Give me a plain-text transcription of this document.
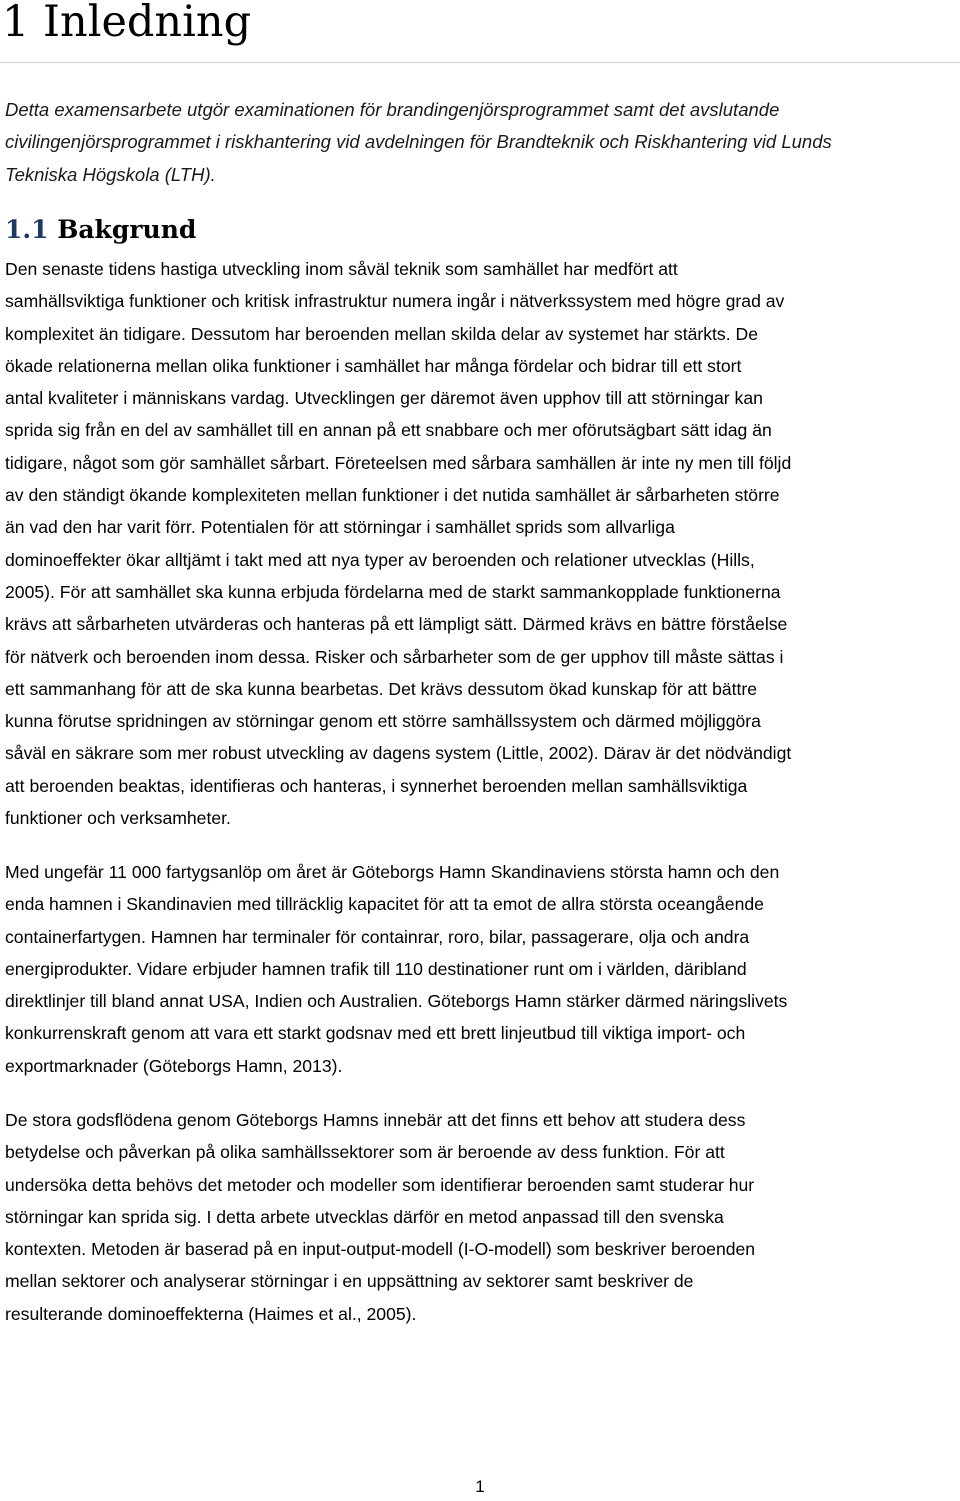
1 Inledning

Detta examensarbete utgör examinationen för brandingenjörsprogrammet samt det avslutande
civilingenjörsprogrammet i riskhantering vid avdelningen för Brandteknik och Riskhantering vid Lunds
Tekniska Högskola (LTH).

1.1 Bakgrund

Den senaste tidens hastiga utveckling inom såväl teknik som samhället har medfört att
samhällsviktiga funktioner och kritisk infrastruktur numera ingår i nätverkssystem med högre grad av
komplexitet än tidigare. Dessutom har beroenden mellan skilda delar av systemet har stärkts. De
ökade relationerna mellan olika funktioner i samhället har många fördelar och bidrar till ett stort
antal kvaliteter i människans vardag. Utvecklingen ger däremot även upphov till att störningar kan
sprida sig från en del av samhället till en annan på ett snabbare och mer oförutsägbart sätt idag än
tidigare, något som gör samhället sårbart. Företeelsen med sårbara samhällen är inte ny men till följd
av den ständigt ökande komplexiteten mellan funktioner i det nutida samhället är sårbarheten större
än vad den har varit förr. Potentialen för att störningar i samhället sprids som allvarliga
dominoeffekter ökar alltjämt i takt med att nya typer av beroenden och relationer utvecklas (Hills,
2005). För att samhället ska kunna erbjuda fördelarna med de starkt sammankopplade funktionerna
krävs att sårbarheten utvärderas och hanteras på ett lämpligt sätt. Därmed krävs en bättre förståelse
för nätverk och beroenden inom dessa. Risker och sårbarheter som de ger upphov till måste sättas i
ett sammanhang för att de ska kunna bearbetas. Det krävs dessutom ökad kunskap för att bättre
kunna förutse spridningen av störningar genom ett större samhällssystem och därmed möjliggöra
såväl en säkrare som mer robust utveckling av dagens system (Little, 2002). Därav är det nödvändigt
att beroenden beaktas, identifieras och hanteras, i synnerhet beroenden mellan samhällsviktiga
funktioner och verksamheter.

Med ungefär 11 000 fartygsanlöp om året är Göteborgs Hamn Skandinaviens största hamn och den
enda hamnen i Skandinavien med tillräcklig kapacitet för att ta emot de allra största oceangående
containerfartygen. Hamnen har terminaler för containrar, roro, bilar, passagerare, olja och andra
energiprodukter. Vidare erbjuder hamnen trafik till 110 destinationer runt om i världen, däribland
direktlinjer till bland annat USA, Indien och Australien. Göteborgs Hamn stärker därmed näringslivets
konkurrenskraft genom att vara ett starkt godsnav med ett brett linjeutbud till viktiga import- och
exportmarknader (Göteborgs Hamn, 2013).

De stora godsflödena genom Göteborgs Hamns innebär att det finns ett behov att studera dess
betydelse och påverkan på olika samhällssektorer som är beroende av dess funktion. För att
undersöka detta behövs det metoder och modeller som identifierar beroenden samt studerar hur
störningar kan sprida sig. I detta arbete utvecklas därför en metod anpassad till den svenska
kontexten. Metoden är baserad på en input-output-modell (I-O-modell) som beskriver beroenden
mellan sektorer och analyserar störningar i en uppsättning av sektorer samt beskriver de
resulterande dominoeffekterna (Haimes et al., 2005).

1
